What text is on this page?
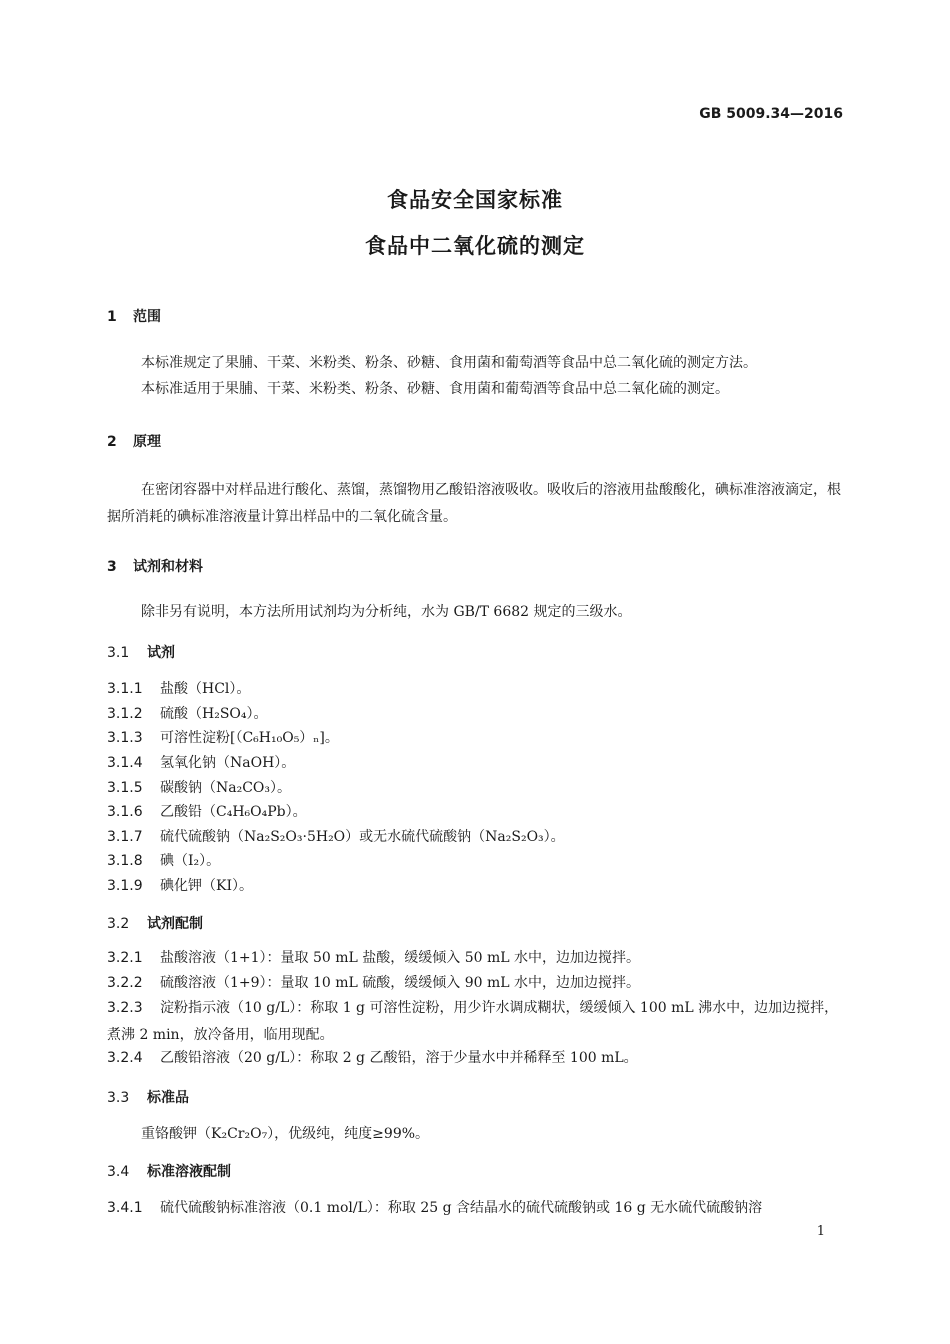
GB 5009.34—2016
食品安全国家标准
食品中二氧化硫的测定
1 范围
本标准规定了果脯、干菜、米粉类、粉条、砂糖、食用菌和葡萄酒等食品中总二氧化硫的测定方法。
本标准适用于果脯、干菜、米粉类、粉条、砂糖、食用菌和葡萄酒等食品中总二氧化硫的测定。
2 原理
在密闭容器中对样品进行酸化、蒸馏，蒸馏物用乙酸铅溶液吸收。吸收后的溶液用盐酸酸化，碘标准溶液滴定，根据所消耗的碘标准溶液量计算出样品中的二氧化硫含量。
3 试剂和材料
除非另有说明，本方法所用试剂均为分析纯，水为 GB/T 6682 规定的三级水。
3.1 试剂
3.1.1 盐酸（HCl）。
3.1.2 硫酸（H₂SO₄）。
3.1.3 可溶性淀粉[（C₆H₁₀O₅）ₙ]。
3.1.4 氢氧化钠（NaOH）。
3.1.5 碳酸钠（Na₂CO₃）。
3.1.6 乙酸铅（C₄H₆O₄Pb）。
3.1.7 硫代硫酸钠（Na₂S₂O₃·5H₂O）或无水硫代硫酸钠（Na₂S₂O₃）。
3.1.8 碘（I₂）。
3.1.9 碘化钾（KI）。
3.2 试剂配制
3.2.1 盐酸溶液（1+1）：量取 50 mL 盐酸，缓缓倾入 50 mL 水中，边加边搅拌。
3.2.2 硫酸溶液（1+9）：量取 10 mL 硫酸，缓缓倾入 90 mL 水中，边加边搅拌。
3.2.3 淀粉指示液（10 g/L）：称取 1 g 可溶性淀粉，用少许水调成糊状，缓缓倾入 100 mL 沸水中，边加边搅拌，煮沸 2 min，放冷备用，临用现配。
3.2.4 乙酸铅溶液（20 g/L）：称取 2 g 乙酸铅，溶于少量水中并稀释至 100 mL。
3.3 标准品
重铬酸钾（K₂Cr₂O₇），优级纯，纯度≥99%。
3.4 标准溶液配制
3.4.1 硫代硫酸钠标准溶液（0.1 mol/L）：称取 25 g 含结晶水的硫代硫酸钠或 16 g 无水硫代硫酸钠溶
1
